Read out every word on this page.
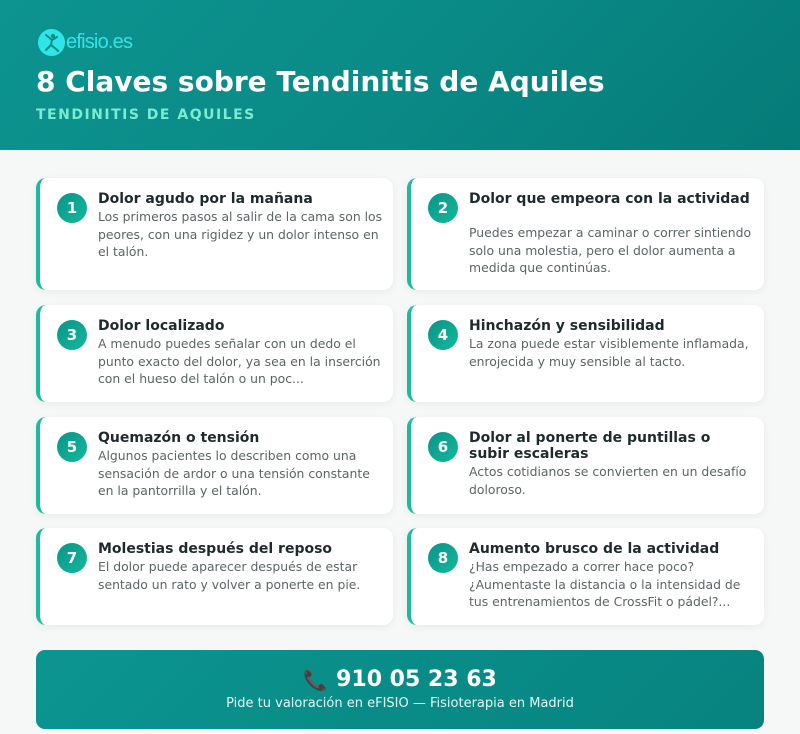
efisio.es
8 Claves sobre Tendinitis de Aquiles
TENDINITIS DE AQUILES
1	Dolor agudo por la mañana
Los primeros pasos al salir de la cama son los peores, con una rigidez y un dolor intenso en el talón.
2	Dolor que empeora con la actividad
Puedes empezar a caminar o correr sintiendo solo una molestia, pero el dolor aumenta a medida que continúas.
3	Dolor localizado
A menudo puedes señalar con un dedo el punto exacto del dolor, ya sea en la inserción con el hueso del talón o un poc...
4	Hinchazón y sensibilidad
La zona puede estar visiblemente inflamada, enrojecida y muy sensible al tacto.
5	Quemazón o tensión
Algunos pacientes lo describen como una sensación de ardor o una tensión constante en la pantorrilla y el talón.
6	Dolor al ponerte de puntillas o subir escaleras
Actos cotidianos se convierten en un desafío doloroso.
7	Molestias después del reposo
El dolor puede aparecer después de estar sentado un rato y volver a ponerte en pie.
8	Aumento brusco de la actividad
¿Has empezado a correr hace poco? ¿Aumentaste la distancia o la intensidad de tus entrenamientos de CrossFit o pádel?...
📞 910 05 23 63
Pide tu valoración en eFISIO — Fisioterapia en Madrid
